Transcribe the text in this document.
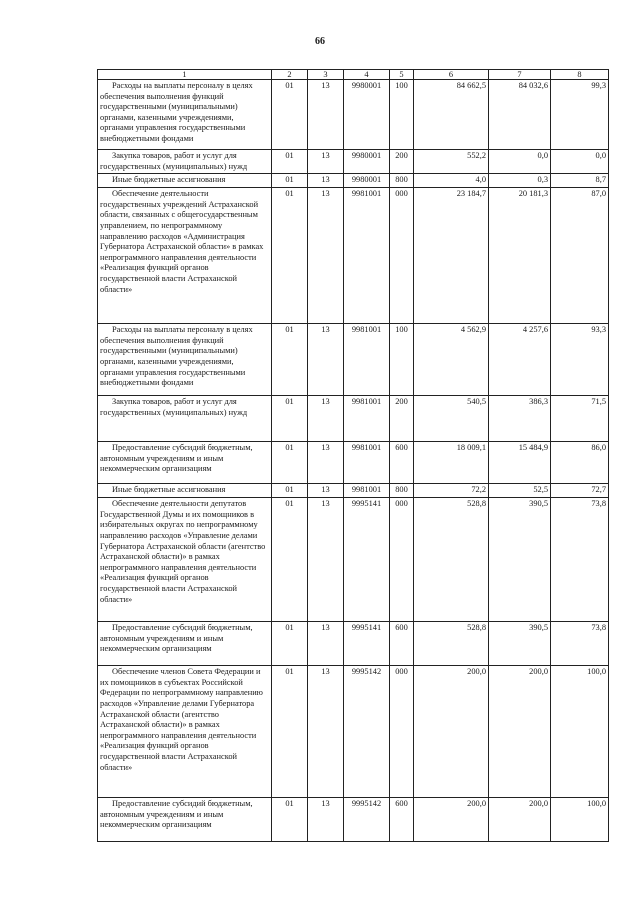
66
1	2	3	4	5	6	7	8
Расходы на выплаты персоналу в целях обеспечения выполнения функций государственными (муниципальными) органами, казенными учреждениями, органами управления государственными внебюджетными фондами	01	13	9980001	100	84 662,5	84 032,6	99,3
Закупка товаров, работ и услуг для государственных (муниципальных) нужд	01	13	9980001	200	552,2	0,0	0,0
Иные бюджетные ассигнования	01	13	9980001	800	4,0	0,3	8,7
Обеспечение деятельности государственных учреждений Астраханской области, связанных с общегосударственным управлением, по непрограммному направлению расходов «Администрация Губернатора Астраханской области» в рамках непрограммного направления деятельности «Реализация функций органов государственной власти Астраханской области»	01	13	9981001	000	23 184,7	20 181,3	87,0
Расходы на выплаты персоналу в целях обеспечения выполнения функций государственными (муниципальными) органами, казенными учреждениями, органами управления государственными внебюджетными фондами	01	13	9981001	100	4 562,9	4 257,6	93,3
Закупка товаров, работ и услуг для государственных (муниципальных) нужд	01	13	9981001	200	540,5	386,3	71,5
Предоставление субсидий бюджетным, автономным учреждениям и иным некоммерческим организациям	01	13	9981001	600	18 009,1	15 484,9	86,0
Иные бюджетные ассигнования	01	13	9981001	800	72,2	52,5	72,7
Обеспечение деятельности депутатов Государственной Думы и их помощников в избирательных округах по непрограммному направлению расходов «Управление делами Губернатора Астраханской области (агентство Астраханской области)» в рамках непрограммного направления деятельности «Реализация функций органов государственной власти Астраханской области»	01	13	9995141	000	528,8	390,5	73,8
Предоставление субсидий бюджетным, автономным учреждениям и иным некоммерческим организациям	01	13	9995141	600	528,8	390,5	73,8
Обеспечение членов Совета Федерации и их помощников в субъектах Российской Федерации по непрограммному направлению расходов «Управление делами Губернатора Астраханской области (агентство Астраханской области)» в рамках непрограммного направления деятельности «Реализация функций органов государственной власти Астраханской области»	01	13	9995142	000	200,0	200,0	100,0
Предоставление субсидий бюджетным, автономным учреждениям и иным некоммерческим организациям	01	13	9995142	600	200,0	200,0	100,0
